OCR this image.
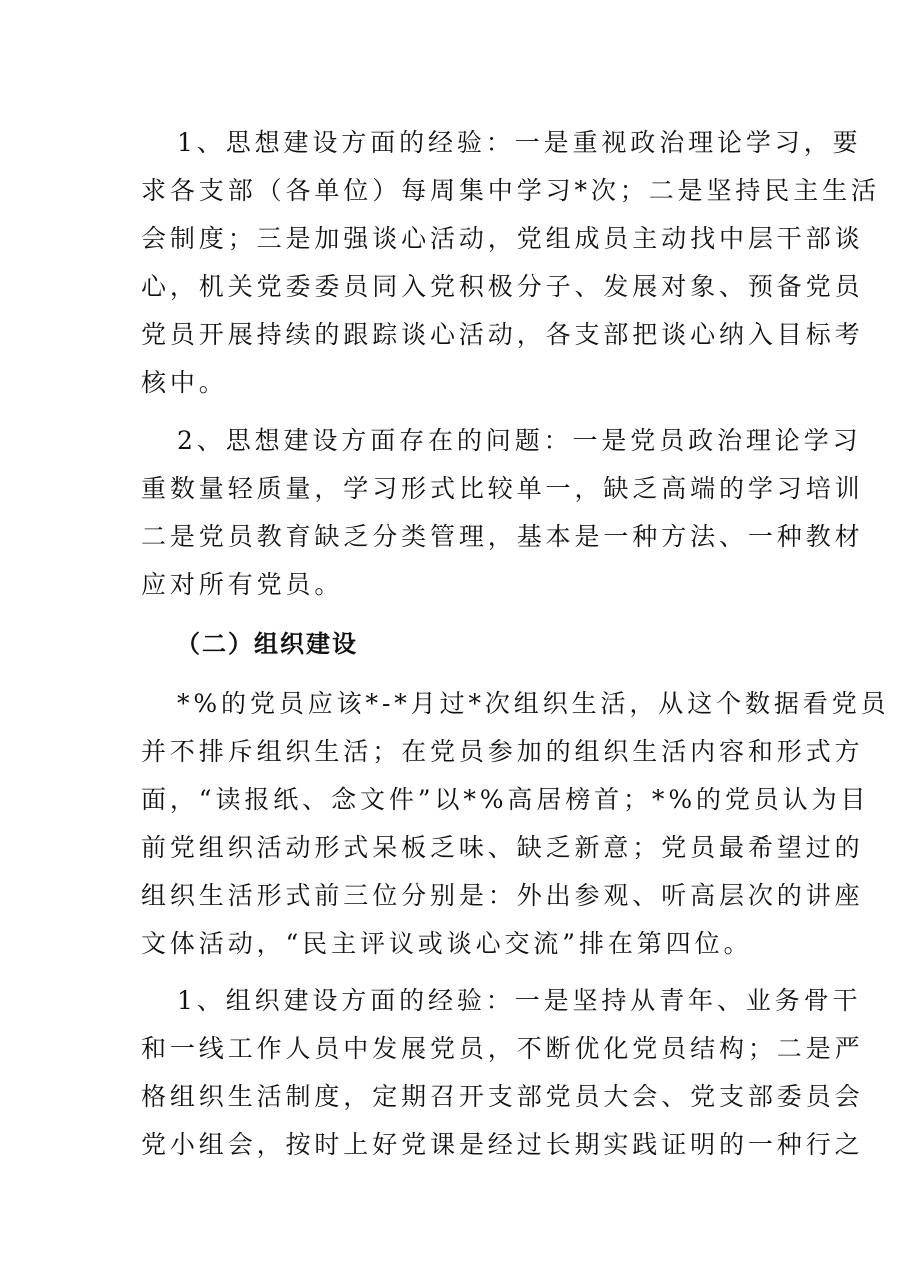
1、思想建设方面的经验：一是重视政治理论学习，要
求各支部（各单位）每周集中学习*次；二是坚持民主生活
会制度；三是加强谈心活动，党组成员主动找中层干部谈
心，机关党委委员同入党积极分子、发展对象、预备党员
党员开展持续的跟踪谈心活动，各支部把谈心纳入目标考
核中。
2、思想建设方面存在的问题：一是党员政治理论学习
重数量轻质量，学习形式比较单一，缺乏高端的学习培训
二是党员教育缺乏分类管理，基本是一种方法、一种教材
应对所有党员。
（二）组织建设
*%的党员应该*-*月过*次组织生活，从这个数据看党员
并不排斥组织生活；在党员参加的组织生活内容和形式方
面，“读报纸、念文件”以*%高居榜首；*%的党员认为目
前党组织活动形式呆板乏味、缺乏新意；党员最希望过的
组织生活形式前三位分别是：外出参观、听高层次的讲座
文体活动，“民主评议或谈心交流”排在第四位。
1、组织建设方面的经验：一是坚持从青年、业务骨干
和一线工作人员中发展党员，不断优化党员结构；二是严
格组织生活制度，定期召开支部党员大会、党支部委员会
党小组会，按时上好党课是经过长期实践证明的一种行之
